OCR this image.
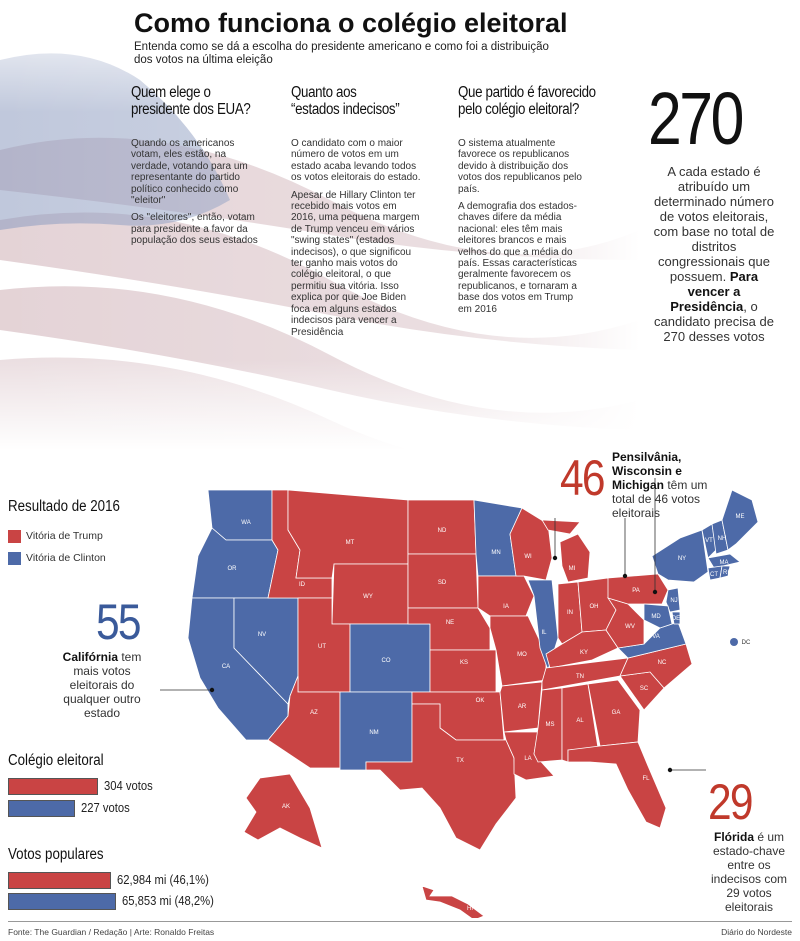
Como funciona o colégio eleitoral
Entenda como se dá a escolha do presidente americano e como foi a distribuição dos votos na última eleição
Quem elege o
presidente dos EUA?

Quando os americanos votam, eles estão, na verdade, votando para um representante do partido político conhecido como "eleitor"

Os "eleitores", então, votam para presidente a favor da população dos seus estados

Quanto aos
“estados indecisos”

O candidato com o maior número de votos em um estado acaba levando todos os votos eleitorais do estado.

Apesar de Hillary Clinton ter recebido mais votos em 2016, uma pequena margem de Trump venceu em vários "swing states" (estados indecisos), o que significou ter ganho mais votos do colégio eleitoral, o que permitiu sua vitória. Isso explica por que Joe Biden foca em alguns estados indecisos para vencer a Presidência

Que partido é favorecido
pelo colégio eleitoral?

O sistema atualmente favorece os republicanos devido à distribuição dos votos dos republicanos pelo país.

A demografia dos estados-chaves difere da média nacional: eles têm mais eleitores brancos e mais velhos do que a média do país. Essas características geralmente favorecem os republicanos, e tornaram a base dos votos em Trump em 2016

270
A cada estado é atribuído um determinado número de votos eleitorais, com base no total de distritos congressionais que possuem. Para vencer a Presidência, o candidato precisa de 270 desses votos
Resultado de 2016
Vitória de Trump
Vitória de Clinton
WA
OR
CA
NV
ID
MT
WY
UT
AZ
CO
NM
ND
SD
NE
KS
OK
TX
MN
IA
MO
AR
LA
WI
IL
MI
IN
OH
KY
TN
MS
AL
GA
FL
SC
NC
VA
WV
PA
NY
VT NH
ME
MA
CT RI
NJ
DE
MD
DC
AK
HI
46 Pensilvânia, Wisconsin e Michigan têm um total de 46 votos eleitorais
55
Califórnia tem mais votos eleitorais do qualquer outro estado
29
Flórida é um estado-chave entre os indecisos com 29 votos eleitorais
Colégio eleitoral
304 votos
227 votos
Votos populares
62,984 mi (46,1%)
65,853 mi (48,2%)
Fonte: The Guardian / Redação | Arte: Ronaldo Freitas	Diário do Nordeste
